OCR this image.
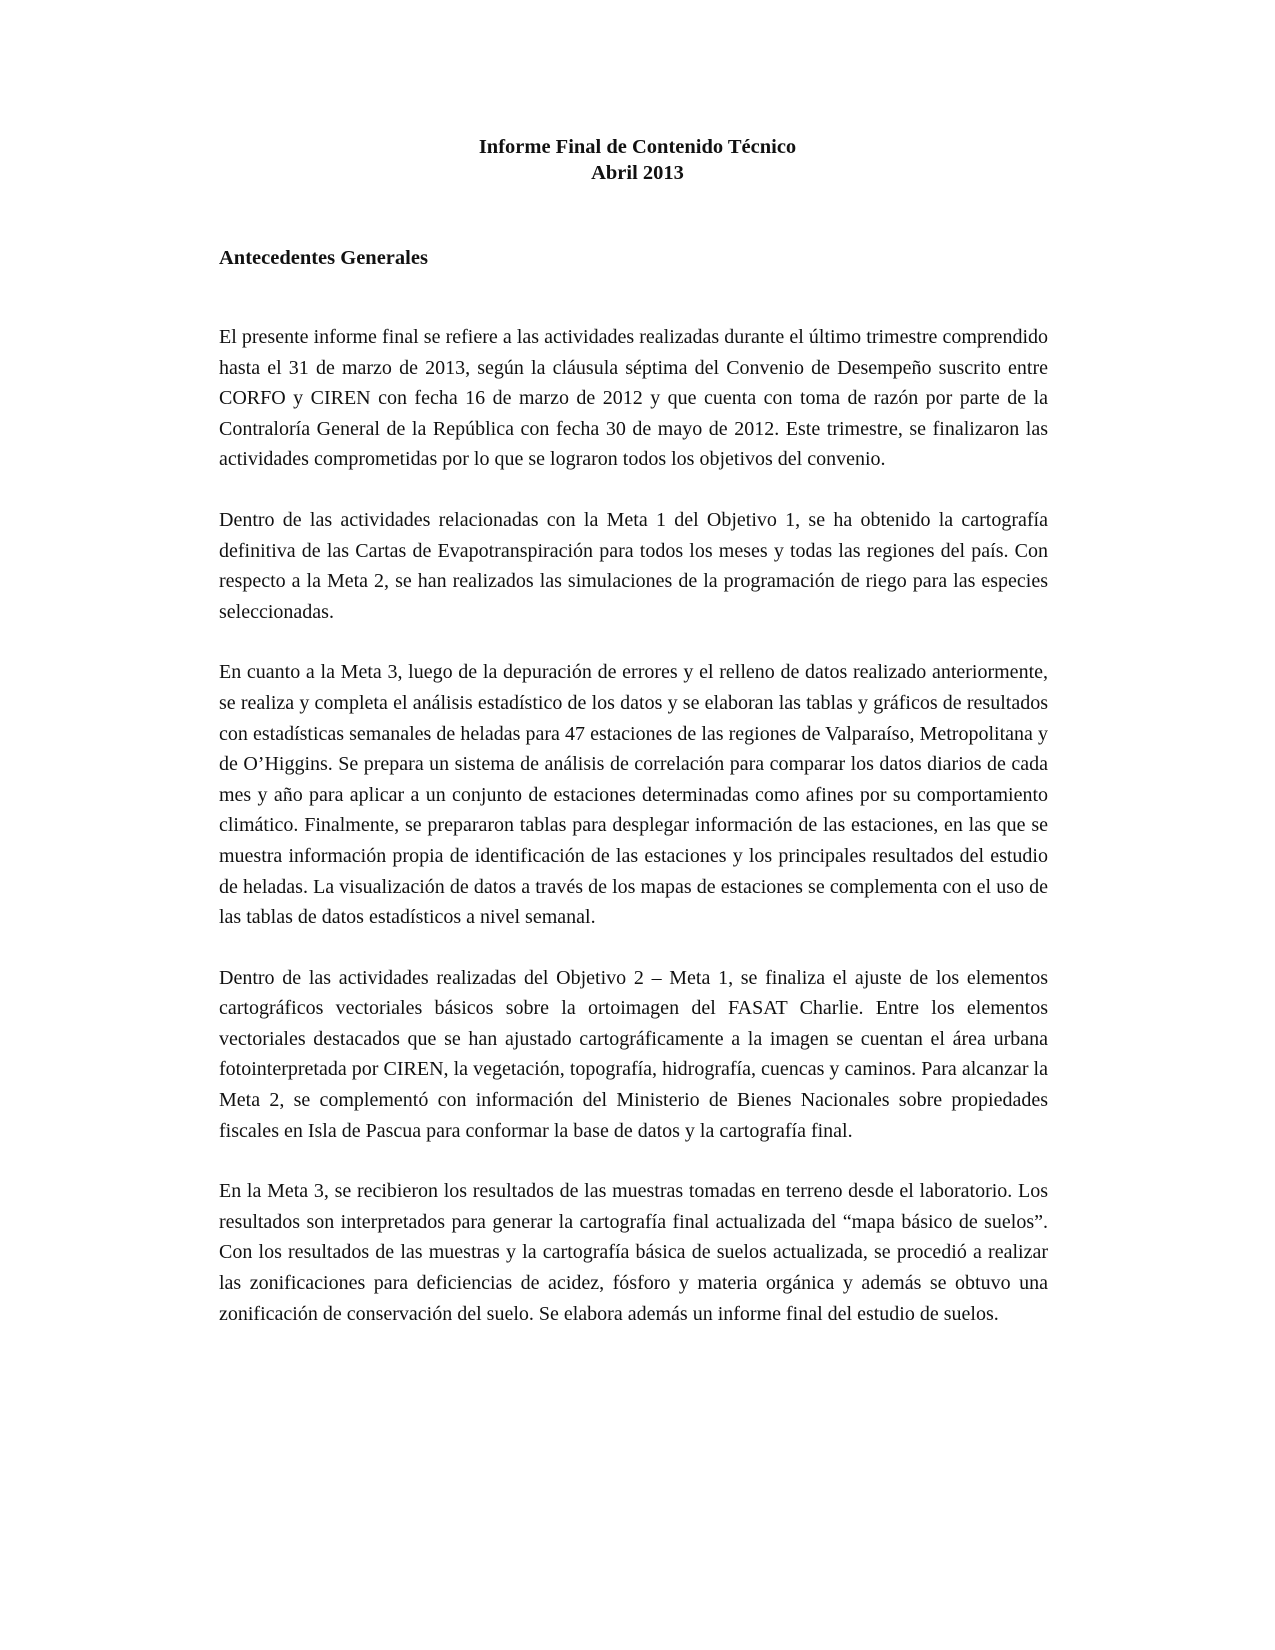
Informe Final de Contenido Técnico
Abril 2013
Antecedentes Generales

El presente informe final se refiere a las actividades realizadas durante el último trimestre comprendido hasta el 31 de marzo de 2013, según la cláusula séptima del Convenio de Desempeño suscrito entre CORFO y CIREN con fecha 16 de marzo de 2012 y que cuenta con toma de razón por parte de la Contraloría General de la República con fecha 30 de mayo de 2012. Este trimestre, se finalizaron las actividades comprometidas por lo que se lograron todos los objetivos del convenio.

Dentro de las actividades relacionadas con la Meta 1 del Objetivo 1, se ha obtenido la cartografía definitiva de las Cartas de Evapotranspiración para todos los meses y todas las regiones del país. Con respecto a la Meta 2, se han realizados las simulaciones de la programación de riego para las especies seleccionadas.

En cuanto a la Meta 3, luego de la depuración de errores y el relleno de datos realizado anteriormente, se realiza y completa el análisis estadístico de los datos y se elaboran las tablas y gráficos de resultados con estadísticas semanales de heladas para 47 estaciones de las regiones de Valparaíso, Metropolitana y de O’Higgins. Se prepara un sistema de análisis de correlación para comparar los datos diarios de cada mes y año para aplicar a un conjunto de estaciones determinadas como afines por su comportamiento climático. Finalmente, se prepararon tablas para desplegar información de las estaciones, en las que se muestra información propia de identificación de las estaciones y los principales resultados del estudio de heladas. La visualización de datos a través de los mapas de estaciones se complementa con el uso de las tablas de datos estadísticos a nivel semanal.

Dentro de las actividades realizadas del Objetivo 2 – Meta 1, se finaliza el ajuste de los elementos cartográficos vectoriales básicos sobre la ortoimagen del FASAT Charlie. Entre los elementos vectoriales destacados que se han ajustado cartográficamente a la imagen se cuentan el área urbana fotointerpretada por CIREN, la vegetación, topografía, hidrografía, cuencas y caminos. Para alcanzar la Meta 2, se complementó con información del Ministerio de Bienes Nacionales sobre propiedades fiscales en Isla de Pascua para conformar la base de datos y la cartografía final.

En la Meta 3, se recibieron los resultados de las muestras tomadas en terreno desde el laboratorio. Los resultados son interpretados para generar la cartografía final actualizada del “mapa básico de suelos”. Con los resultados de las muestras y la cartografía básica de suelos actualizada, se procedió a realizar las zonificaciones para deficiencias de acidez, fósforo y materia orgánica y además se obtuvo una zonificación de conservación del suelo. Se elabora además un informe final del estudio de suelos.
